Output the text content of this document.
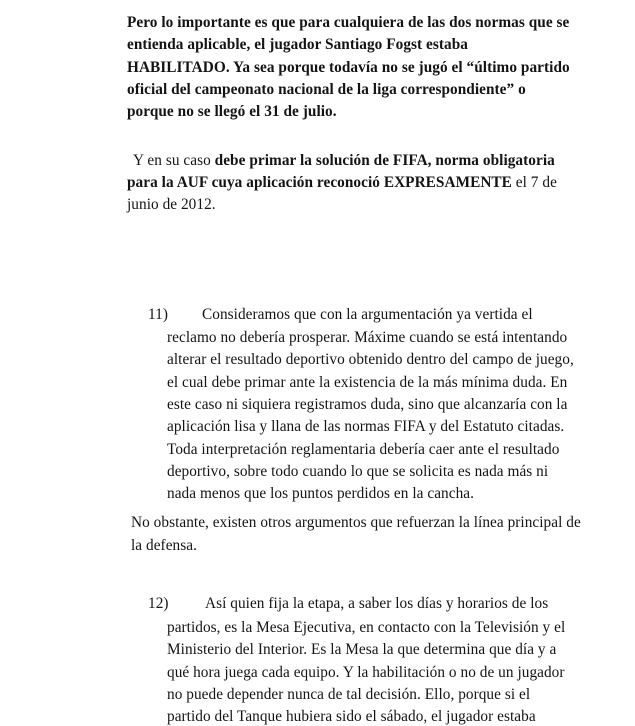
Pero lo importante es que para cualquiera de las dos normas que se
entienda aplicable, el jugador Santiago Fogst estaba
HABILITADO. Ya sea porque todavía no se jugó el “último partido
oficial del campeonato nacional de la liga correspondiente” o
porque no se llegó el 31 de julio.
Y en su caso debe primar la solución de FIFA, norma obligatoria
para la AUF cuya aplicación reconoció EXPRESAMENTE el 7 de
junio de 2012.
11) Consideramos que con la argumentación ya vertida el
reclamo no debería prosperar. Máxime cuando se está intentando
alterar el resultado deportivo obtenido dentro del campo de juego,
el cual debe primar ante la existencia de la más mínima duda. En
este caso ni siquiera registramos duda, sino que alcanzaría con la
aplicación lisa y llana de las normas FIFA y del Estatuto citadas.
Toda interpretación reglamentaria debería caer ante el resultado
deportivo, sobre todo cuando lo que se solicita es nada más ni
nada menos que los puntos perdidos en la cancha.
No obstante, existen otros argumentos que refuerzan la línea principal de
la defensa.
12) Así quien fija la etapa, a saber los días y horarios de los
partidos, es la Mesa Ejecutiva, en contacto con la Televisión y el
Ministerio del Interior. Es la Mesa la que determina que día y a
qué hora juega cada equipo. Y la habilitación o no de un jugador
no puede depender nunca de tal decisión. Ello, porque si el
partido del Tanque hubiera sido el sábado, el jugador estaba
